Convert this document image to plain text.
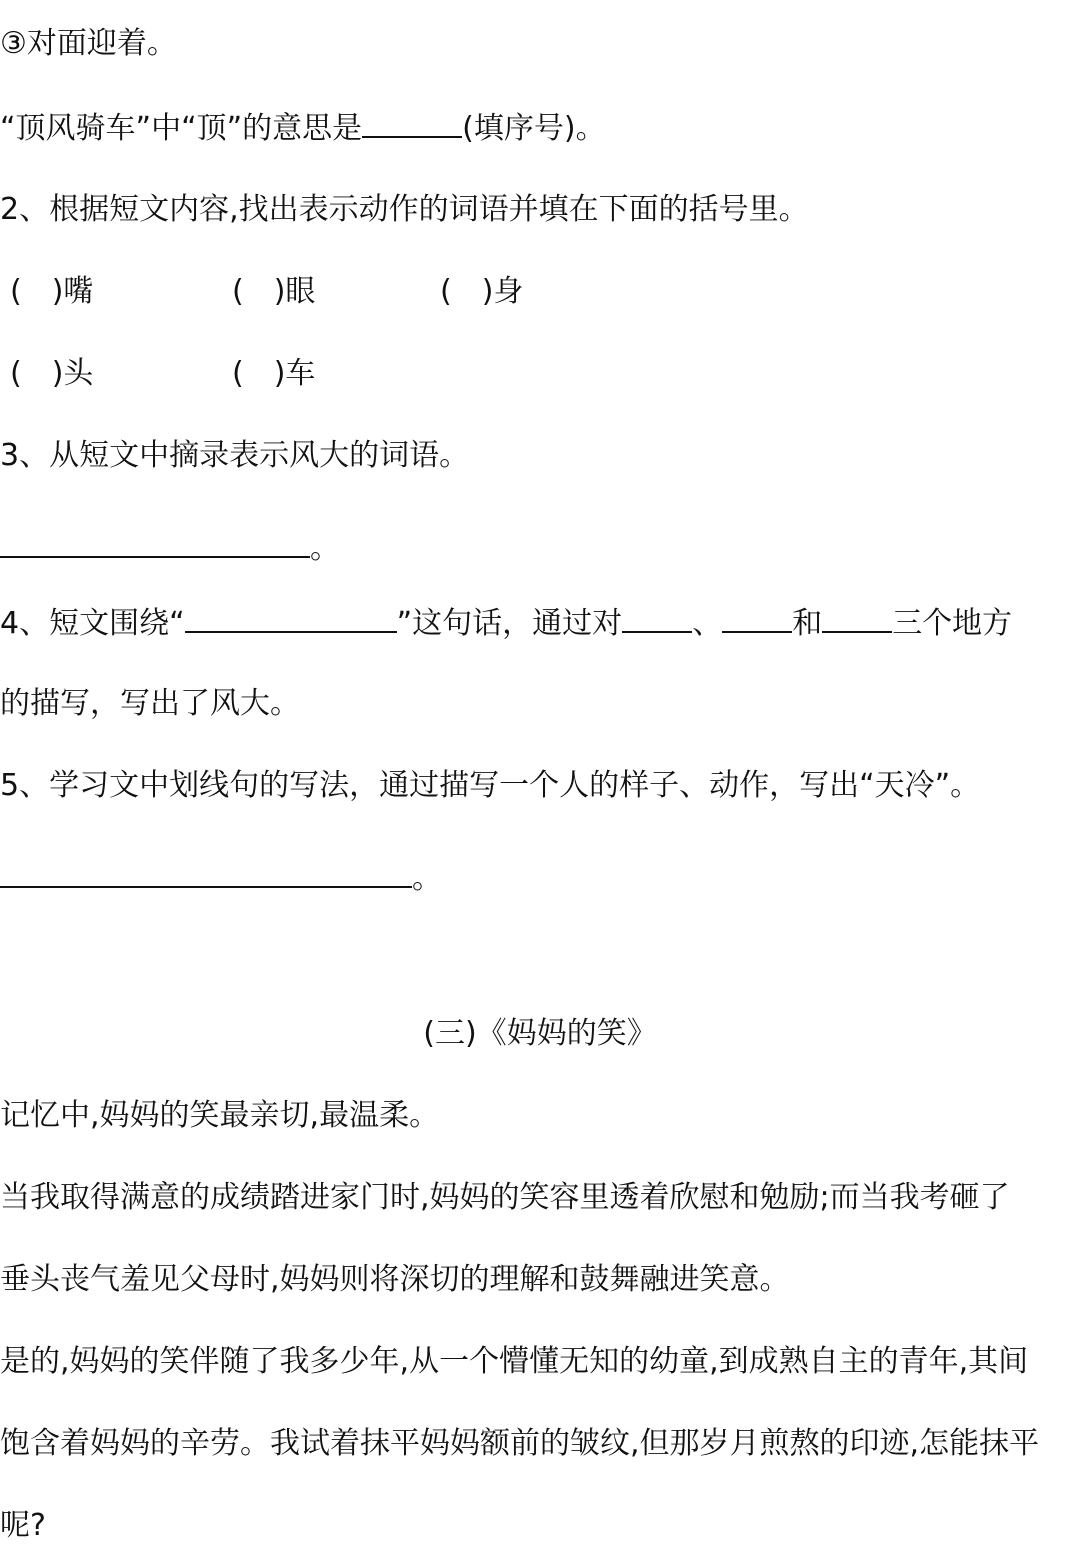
③对面迎着。
“顶风骑车”中“顶”的意思是	(填序号)。
2、根据短文内容,找出表示动作的词语并填在下面的括号里。
(　)嘴	(　)眼	(　)身
(　)头	(　)车
3、从短文中摘录表示风大的词语。
。
4、短文围绕“	”这句话，通过对 、 和 三个地方
的描写，写出了风大。
5、学习文中划线句的写法，通过描写一个人的样子、动作，写出“天冷”。
。
(三)《妈妈的笑》
记忆中,妈妈的笑最亲切,最温柔。
当我取得满意的成绩踏进家门时,妈妈的笑容里透着欣慰和勉励;而当我考砸了
垂头丧气羞见父母时,妈妈则将深切的理解和鼓舞融进笑意。
是的,妈妈的笑伴随了我多少年,从一个懵懂无知的幼童,到成熟自主的青年,其间
饱含着妈妈的辛劳。我试着抹平妈妈额前的皱纹,但那岁月煎熬的印迹,怎能抹平
呢?
